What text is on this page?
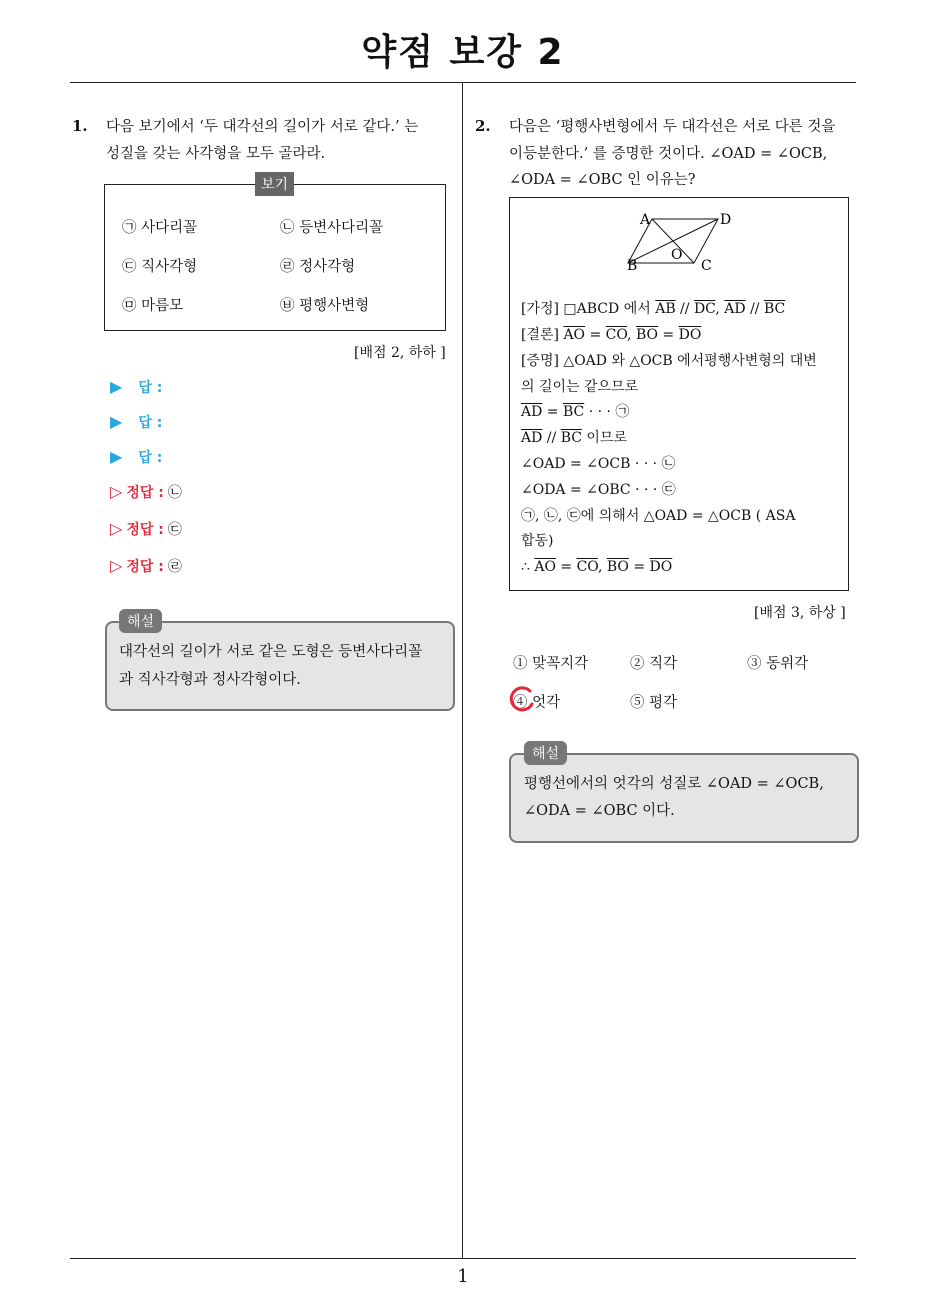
약점 보강 2
1
1. 다음 보기에서 ‘두 대각선의 길이가 서로 같다.’ 는
성질을 갖는 사각형을 모두 골라라.
보기
㉠ 사다리꼴	㉡ 등변사다리꼴
㉢ 직사각형	㉣ 정사각형
㉤ 마름모	㉥ 평행사변형
[배점 2, 하하 ]
▶ 답 :
▶ 답 :
▶ 답 :
▷ 정답 : ㉡
▷ 정답 : ㉢
▷ 정답 : ㉣
해설
대각선의 길이가 서로 같은 도형은 등변사다리꼴
과 직사각형과 정사각형이다.
2. 다음은 ‘평행사변형에서 두 대각선은 서로 다른 것을
이등분한다.’ 를 증명한 것이다. ∠OAD = ∠OCB,
∠ODA = ∠OBC 인 이유는?
A	D
B	C
O
[가정] □ABCD 에서 $\overline{AB} // \overline{DC}$, $\overline{AD} // \overline{BC}$
[결론] $\overline{AO} = \overline{CO}$, $\overline{BO} = \overline{DO}$
[증명] △OAD 와 △OCB 에서평행사변형의 대변
의 길이는 같으므로
$\overline{AD} = \overline{BC}$ · · · ㉠
$\overline{AD} // \overline{BC}$ 이므로
∠OAD = ∠OCB · · · ㉡
∠ODA = ∠OBC · · · ㉢
㉠, ㉡, ㉢에 의해서 △OAD = △OCB ( ASA
합동)
∴ $\overline{AO} = \overline{CO}$, $\overline{BO} = \overline{DO}$
[배점 3, 하상 ]
① 맞꼭지각	② 직각	③ 동위각
④ 엇각	⑤ 평각
해설
평행선에서의 엇각의 성질로 ∠OAD = ∠OCB,
∠ODA = ∠OBC 이다.
